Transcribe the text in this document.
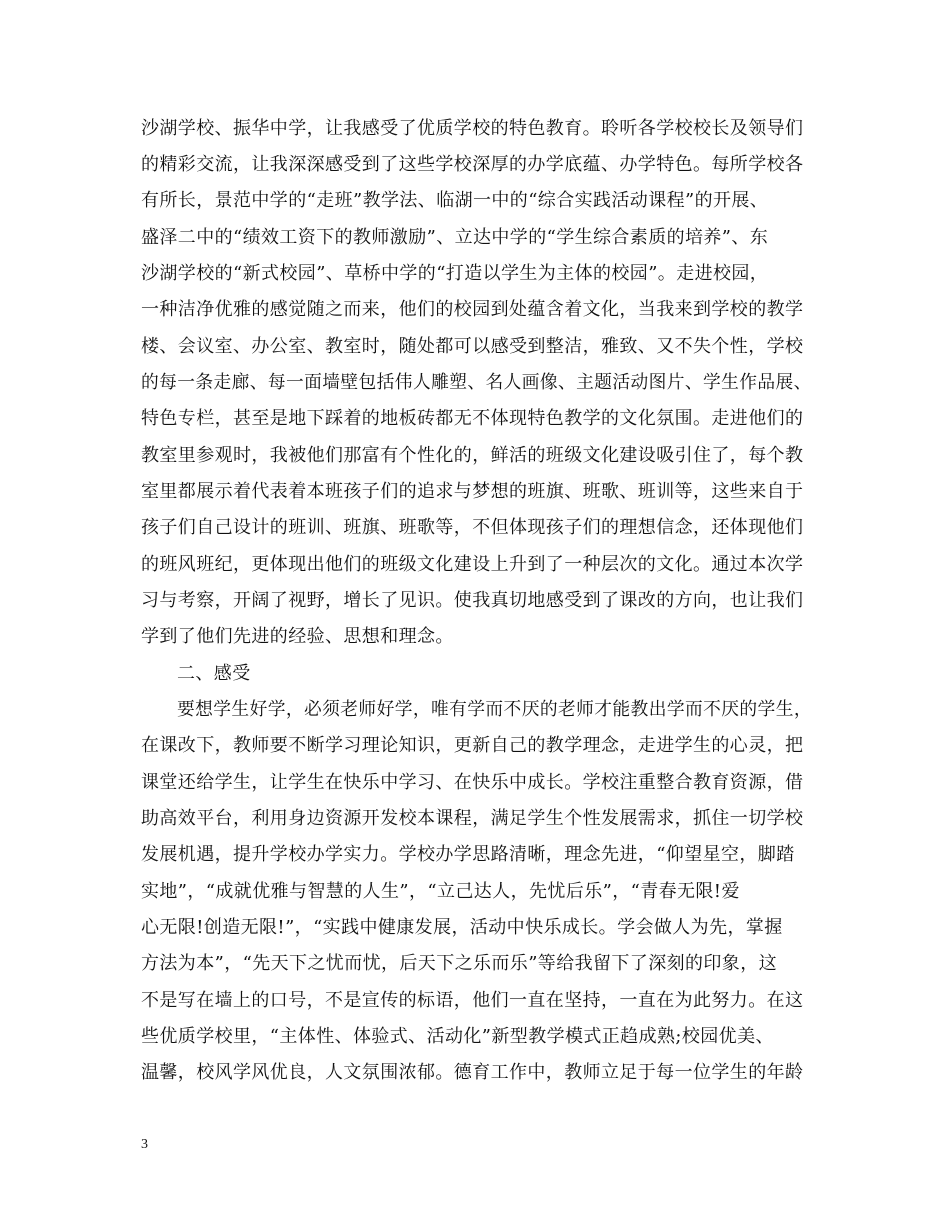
沙湖学校、振华中学，让我感受了优质学校的特色教育。聆听各学校校长及领导们
的精彩交流，让我深深感受到了这些学校深厚的办学底蕴、办学特色。每所学校各
有所长，景范中学的“走班”教学法、临湖一中的“综合实践活动课程”的开展、
盛泽二中的“绩效工资下的教师激励”、立达中学的“学生综合素质的培养”、东
沙湖学校的“新式校园”、草桥中学的“打造以学生为主体的校园”。走进校园，
一种洁净优雅的感觉随之而来，他们的校园到处蕴含着文化，当我来到学校的教学
楼、会议室、办公室、教室时，随处都可以感受到整洁，雅致、又不失个性，学校
的每一条走廊、每一面墙壁包括伟人雕塑、名人画像、主题活动图片、学生作品展、
特色专栏，甚至是地下踩着的地板砖都无不体现特色教学的文化氛围。走进他们的
教室里参观时，我被他们那富有个性化的，鲜活的班级文化建设吸引住了，每个教
室里都展示着代表着本班孩子们的追求与梦想的班旗、班歌、班训等，这些来自于
孩子们自己设计的班训、班旗、班歌等，不但体现孩子们的理想信念，还体现他们
的班风班纪，更体现出他们的班级文化建设上升到了一种层次的文化。通过本次学
习与考察，开阔了视野，增长了见识。使我真切地感受到了课改的方向，也让我们
学到了他们先进的经验、思想和理念。
二、感受
要想学生好学，必须老师好学，唯有学而不厌的老师才能教出学而不厌的学生，
在课改下，教师要不断学习理论知识，更新自己的教学理念，走进学生的心灵，把
课堂还给学生，让学生在快乐中学习、在快乐中成长。学校注重整合教育资源，借
助高效平台，利用身边资源开发校本课程，满足学生个性发展需求，抓住一切学校
发展机遇，提升学校办学实力。学校办学思路清晰，理念先进，“仰望星空，脚踏
实地”，“成就优雅与智慧的人生”，“立己达人，先忧后乐”，“青春无限!爱
心无限!创造无限!”，“实践中健康发展，活动中快乐成长。学会做人为先，掌握
方法为本”，“先天下之忧而忧，后天下之乐而乐”等给我留下了深刻的印象，这
不是写在墙上的口号，不是宣传的标语，他们一直在坚持，一直在为此努力。在这
些优质学校里，“主体性、体验式、活动化”新型教学模式正趋成熟;校园优美、
温馨，校风学风优良，人文氛围浓郁。德育工作中，教师立足于每一位学生的年龄
3
